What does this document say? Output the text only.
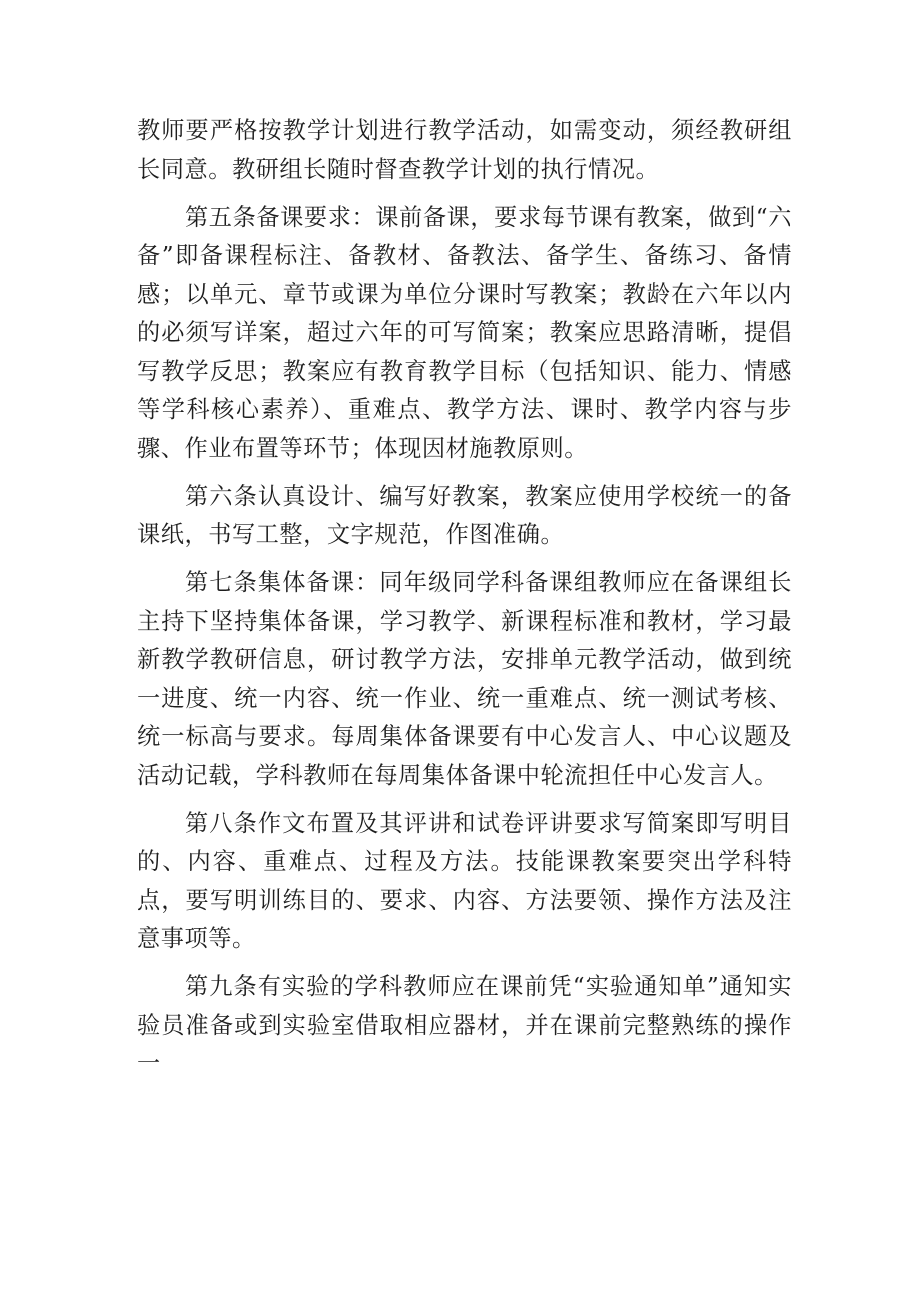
教师要严格按教学计划进行教学活动，如需变动，须经教研组长同意。教研组长随时督查教学计划的执行情况。

第五条备课要求：课前备课，要求每节课有教案，做到“六备”即备课程标注、备教材、备教法、备学生、备练习、备情感；以单元、章节或课为单位分课时写教案；教龄在六年以内的必须写详案，超过六年的可写简案；教案应思路清晰，提倡写教学反思；教案应有教育教学目标（包括知识、能力、情感等学科核心素养）、重难点、教学方法、课时、教学内容与步骤、作业布置等环节；体现因材施教原则。

第六条认真设计、编写好教案，教案应使用学校统一的备课纸，书写工整，文字规范，作图准确。

第七条集体备课：同年级同学科备课组教师应在备课组长主持下坚持集体备课，学习教学、新课程标准和教材，学习最新教学教研信息，研讨教学方法，安排单元教学活动，做到统一进度、统一内容、统一作业、统一重难点、统一测试考核、统一标高与要求。每周集体备课要有中心发言人、中心议题及活动记载，学科教师在每周集体备课中轮流担任中心发言人。

第八条作文布置及其评讲和试卷评讲要求写简案即写明目的、内容、重难点、过程及方法。技能课教案要突出学科特点，要写明训练目的、要求、内容、方法要领、操作方法及注意事项等。

第九条有实验的学科教师应在课前凭“实验通知单”通知实验员准备或到实验室借取相应器材，并在课前完整熟练的操作一
